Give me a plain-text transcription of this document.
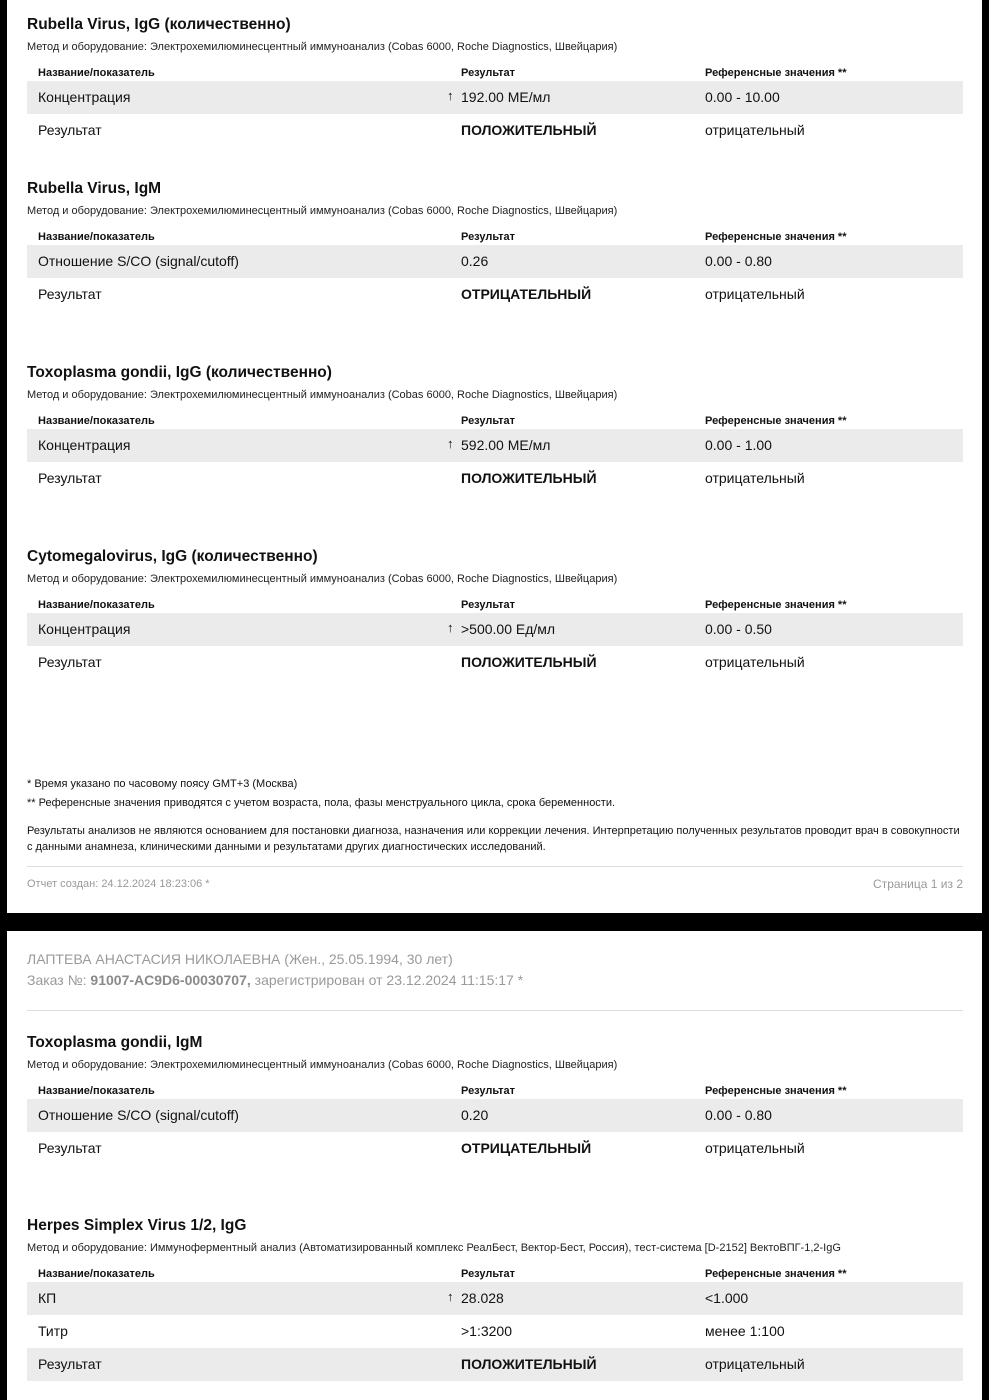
Rubella Virus, IgG (количественно)
Метод и оборудование: Электрохемилюминесцентный иммуноанализ (Cobas 6000, Roche Diagnostics, Швейцария)
Название/показатель	Результат	Референсные значения **
Концентрация	↑ 192.00 МЕ/мл	0.00 - 10.00
Результат	ПОЛОЖИТЕЛЬНЫЙ	отрицательный
Rubella Virus, IgM
Метод и оборудование: Электрохемилюминесцентный иммуноанализ (Cobas 6000, Roche Diagnostics, Швейцария)
Название/показатель	Результат	Референсные значения **
Отношение S/CO (signal/cutoff)	0.26	0.00 - 0.80
Результат	ОТРИЦАТЕЛЬНЫЙ	отрицательный
Toxoplasma gondii, IgG (количественно)
Метод и оборудование: Электрохемилюминесцентный иммуноанализ (Cobas 6000, Roche Diagnostics, Швейцария)
Название/показатель	Результат	Референсные значения **
Концентрация	↑ 592.00 МЕ/мл	0.00 - 1.00
Результат	ПОЛОЖИТЕЛЬНЫЙ	отрицательный
Cytomegalovirus, IgG (количественно)
Метод и оборудование: Электрохемилюминесцентный иммуноанализ (Cobas 6000, Roche Diagnostics, Швейцария)
Название/показатель	Результат	Референсные значения **
Концентрация	↑ >500.00 Ед/мл	0.00 - 0.50
Результат	ПОЛОЖИТЕЛЬНЫЙ	отрицательный
* Время указано по часовому поясу GMT+3 (Москва)
** Референсные значения приводятся с учетом возраста, пола, фазы менструального цикла, срока беременности.
Результаты анализов не являются основанием для постановки диагноза, назначения или коррекции лечения. Интерпретацию полученных результатов проводит врач в совокупности с данными анамнеза, клиническими данными и результатами других диагностических исследований.
Отчет создан: 24.12.2024 18:23:06 *	Страница 1 из 2
ЛАПТЕВА АНАСТАСИЯ НИКОЛАЕВНА (Жен., 25.05.1994, 30 лет)
Заказ №: 91007-AC9D6-00030707, зарегистрирован от 23.12.2024 11:15:17 *
Toxoplasma gondii, IgM
Метод и оборудование: Электрохемилюминесцентный иммуноанализ (Cobas 6000, Roche Diagnostics, Швейцария)
Название/показатель	Результат	Референсные значения **
Отношение S/CO (signal/cutoff)	0.20	0.00 - 0.80
Результат	ОТРИЦАТЕЛЬНЫЙ	отрицательный
Herpes Simplex Virus 1/2, IgG
Метод и оборудование: Иммуноферментный анализ (Автоматизированный комплекс РеалБест, Вектор-Бест, Россия), тест-система [D-2152] ВектоВПГ-1,2-IgG
Название/показатель	Результат	Референсные значения **
КП	↑ 28.028	<1.000
Титр	>1:3200	менее 1:100
Результат	ПОЛОЖИТЕЛЬНЫЙ	отрицательный
